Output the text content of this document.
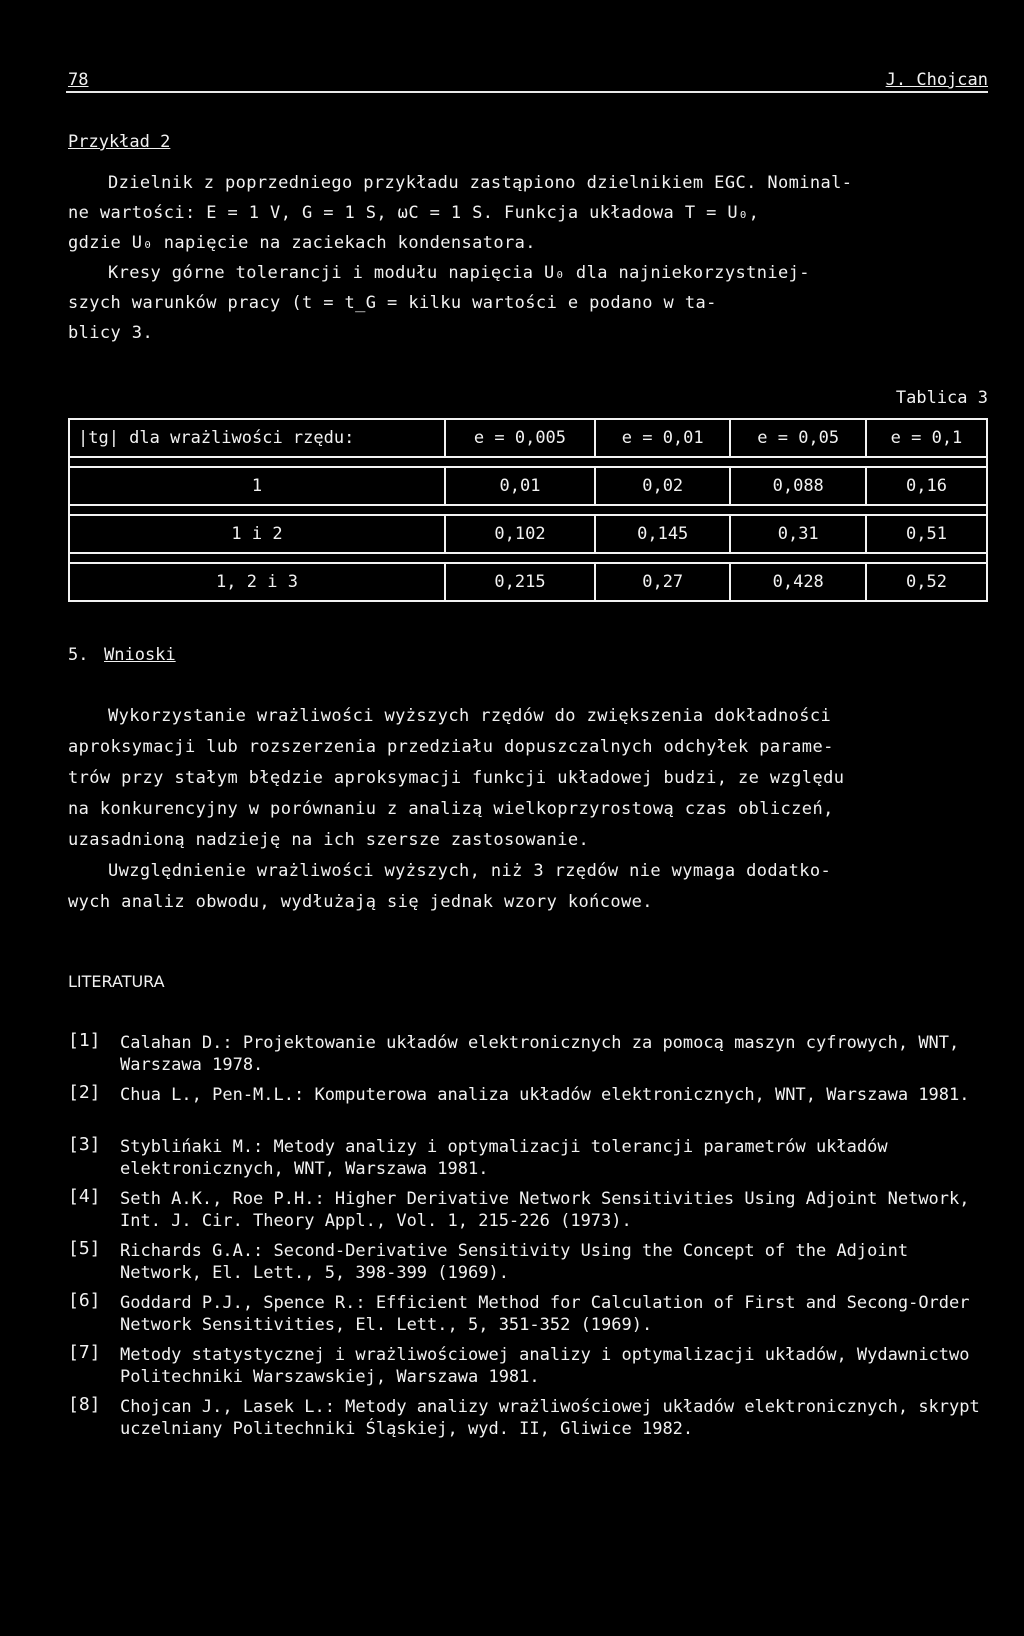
78	J. Chojcan
Przykład 2
Dzielnik z poprzedniego przykładu zastąpiono dzielnikiem EGC. Nominal-
ne wartości: E = 1 V, G = 1 S, ωC = 1 S. Funkcja układowa T = U₀,
gdzie U₀ napięcie na zaciekach kondensatora.
Kresy górne tolerancji i modułu napięcia U₀ dla najniekorzystniej-
szych warunków pracy (t = t_G = kilku wartości e podano w ta-
blicy 3.
Tablica 3
|tg| dla wrażliwości rzędu:	e = 0,005	e = 0,01	e = 0,05	e = 0,1

1	0,01	0,02	0,088	0,16

1 i 2	0,102	0,145	0,31	0,51

1, 2 i 3	0,215	0,27	0,428	0,52
5. Wnioski
Wykorzystanie wrażliwości wyższych rzędów do zwiększenia dokładności
aproksymacji lub rozszerzenia przedziału dopuszczalnych odchyłek parame-
trów przy stałym błędzie aproksymacji funkcji układowej budzi, ze względu
na konkurencyjny w porównaniu z analizą wielkoprzyrostową czas obliczeń,
uzasadnioną nadzieję na ich szersze zastosowanie.
Uwzględnienie wrażliwości wyższych, niż 3 rzędów nie wymaga dodatko-
wych analiz obwodu, wydłużają się jednak wzory końcowe.
LITERATURA
[1] Calahan D.: Projektowanie układów elektronicznych za pomocą maszyn cyfrowych, WNT, Warszawa 1978.
[2] Chua L., Pen-M.L.: Komputerowa analiza układów elektronicznych, WNT, Warszawa 1981.
[3] Styblińaki M.: Metody analizy i optymalizacji tolerancji parametrów układów elektronicznych, WNT, Warszawa 1981.
[4] Seth A.K., Roe P.H.: Higher Derivative Network Sensitivities Using Adjoint Network, Int. J. Cir. Theory Appl., Vol. 1, 215-226 (1973).
[5] Richards G.A.: Second-Derivative Sensitivity Using the Concept of the Adjoint Network, El. Lett., 5, 398-399 (1969).
[6] Goddard P.J., Spence R.: Efficient Method for Calculation of First and Secong-Order Network Sensitivities, El. Lett., 5, 351-352 (1969).
[7] Metody statystycznej i wrażliwościowej analizy i optymalizacji układów, Wydawnictwo Politechniki Warszawskiej, Warszawa 1981.
[8] Chojcan J., Lasek L.: Metody analizy wrażliwościowej układów elektronicznych, skrypt uczelniany Politechniki Śląskiej, wyd. II, Gliwice 1982.
